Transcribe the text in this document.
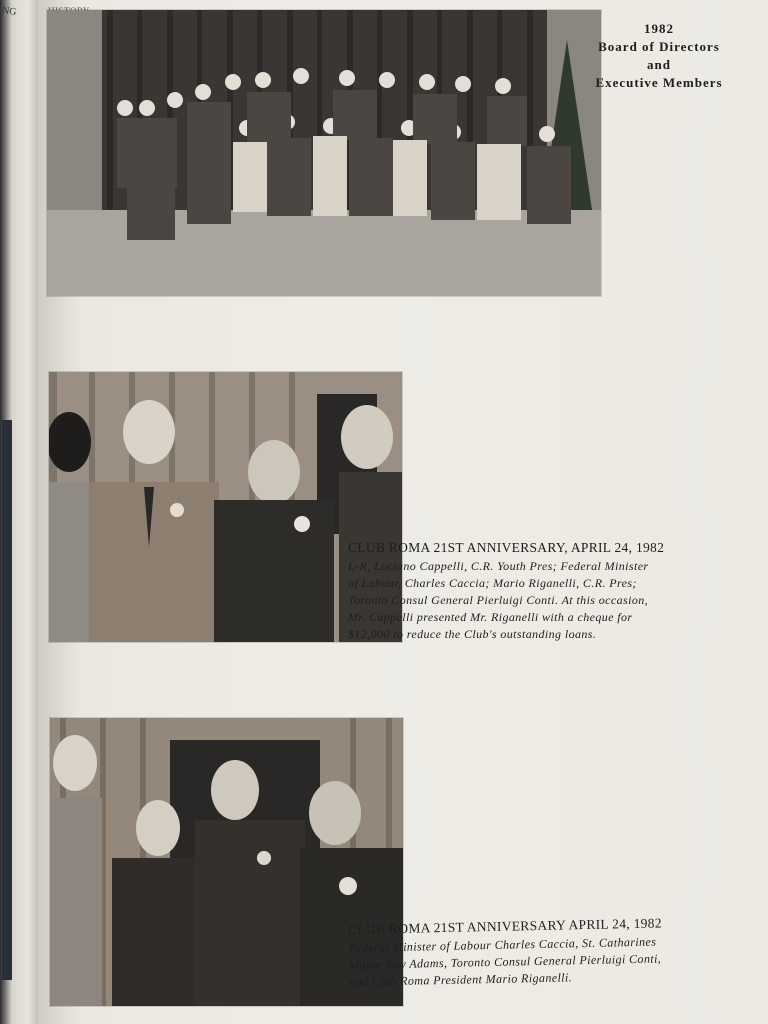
NG
1982
Board of Directors
and
Executive Members
CLUB ROMA 21ST ANNIVERSARY, APRIL 24, 1982
L-R, Luciano Cappelli, C.R. Youth Pres; Federal Minister
of Labour, Charles Caccia; Mario Riganelli, C.R. Pres;
Toronto Consul General Pierluigi Conti. At this occasion,
Mr. Cappelli presented Mr. Riganelli with a cheque for
$12,000 to reduce the Club's outstanding loans.
CLUB ROMA 21ST ANNIVERSARY APRIL 24, 1982
Federal Minister of Labour Charles Caccia, St. Catharines
Mayor Roy Adams, Toronto Consul General Pierluigi Conti,
and Club Roma President Mario Riganelli.
